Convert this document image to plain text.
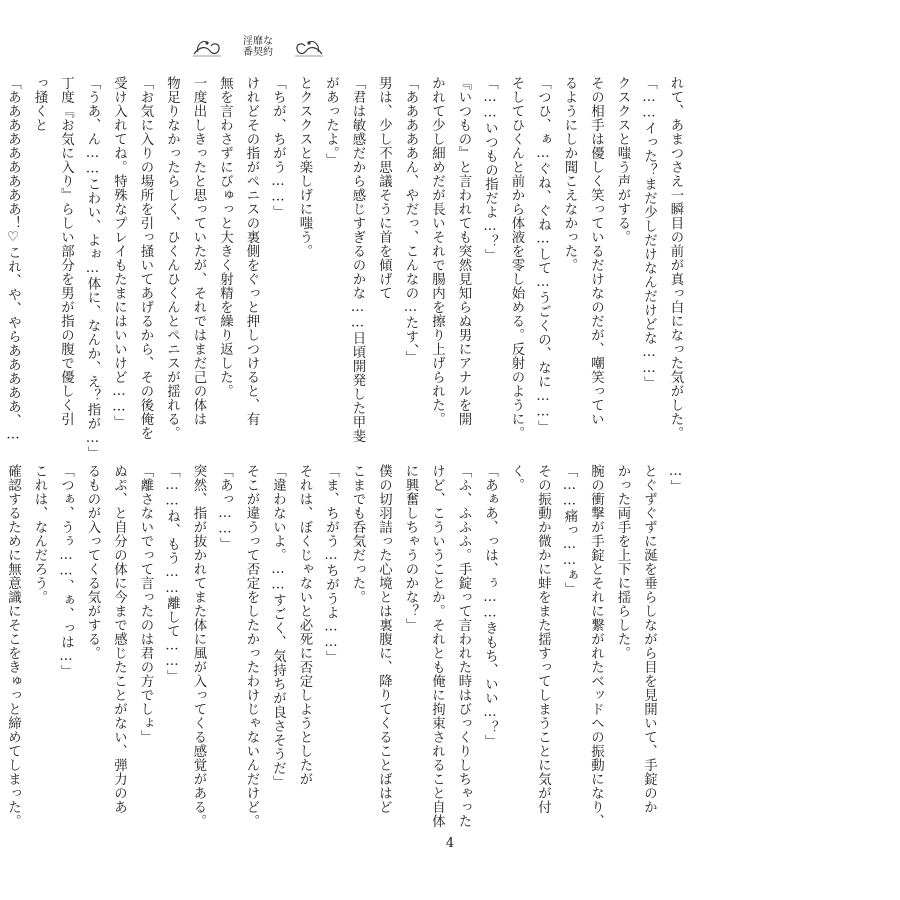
淫靡な
番契約
れて、あまつさえ一瞬目の前が真っ白になった気がした。
「……イった？まだ少しだけなんだけどな……」
クスクスと嗤う声がする。
その相手は優しく笑っているだけなのだが、嘲笑ってい
るようにしか聞こえなかった。
「つひ、ぁ…ぐね、ぐね…して…うごくの、なに……」
そしてひくんと前から体液を零し始める。反射のように。
「……いつもの指だよ…？」
『いつもの』と言われても突然見知らぬ男にアナルを開
かれて少し細めだが長いそれで腸内を擦り上げられた。
「あああああん、やだっ、こんなの…たす、」
男は、少し不思議そうに首を傾げて
「君は敏感だから感じすぎるのかな……日頃開発した甲斐
があったよ。」
とクスクスと楽しげに嗤う。
「ちが、ちがう……」
けれどその指がペニスの裏側をぐっと押しつけると、有
無を言わさずにびゅっと大きく射精を繰り返した。
一度出しきったと思っていたが、それではまだ己の体は
物足りなかったらしく、ひくんひくんとペニスが揺れる。
「お気に入りの場所を引っ掻いてあげるから、その後俺を
受け入れてね。特殊なプレイもたまにはいいけど……」
「うあ、ん……こわい、よぉ…体に、なんか、え？指が…」
丁度『お気に入り』らしい部分を男が指の腹で優しく引
っ掻くと
「あああああああああ！♡これ、や、やらあああああ、…
…」
とぐずぐずに涎を垂らしながら目を見開いて、手錠のか
かった両手を上下に揺らした。
腕の衝撃が手錠とそれに繋がれたベッドへの振動になり、
「……痛っ……ぁ」
その振動か微かに蚌をまた揺すってしまうことに気が付
く。
「あぁあ、っは、ぅ……きもち、いい…？」
「ふ、ふふふ。手錠って言われた時はびっくりしちゃった
けど、こういうことか。それとも俺に拘束されること自体
に興奮しちゃうのかな？」
僕の切羽詰った心境とは裏腹に、降りてくることばはど
こまでも呑気だった。
「ま、ちがう…ちがうよ……」
それは、ぼくじゃないと必死に否定しようとしたが
「違わないよ。……すごく、気持ちが良さそうだ」
そこが違うって否定をしたかったわけじゃないんだけど。
「あっ……」
突然、指が抜かれてまた体に風が入ってくる感覚がある。
「……ね、もう……離して……」
「離さないでって言ったのは君の方でしょ」
ぬぷ、と自分の体に今まで感じたことがない、弾力のあ
るものが入ってくる気がする。
「つぁ、うぅ……、ぁ、っは…」
これは、なんだろう。
確認するために無意識にそこをきゅっと締めてしまった。
4
